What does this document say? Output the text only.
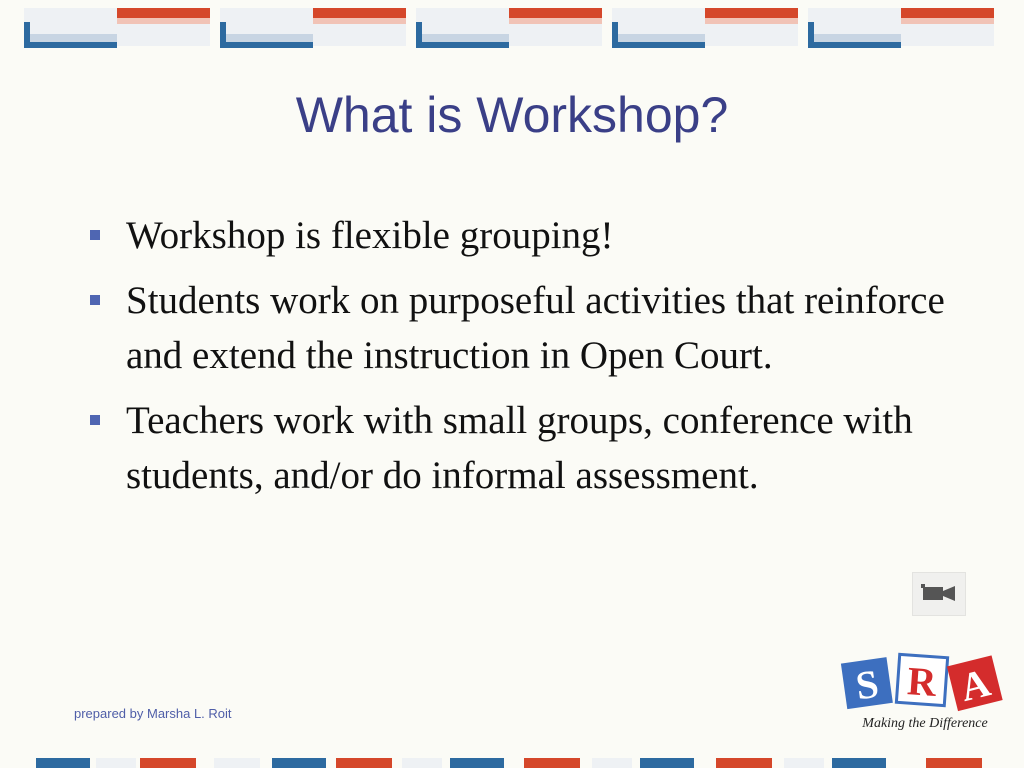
What is Workshop?
Workshop is flexible grouping!
Students work on purposeful activities that reinforce and extend the instruction in Open Court.
Teachers work with small groups, conference with students, and/or do informal assessment.
prepared by Marsha L. Roit
S R A
Making the Difference
